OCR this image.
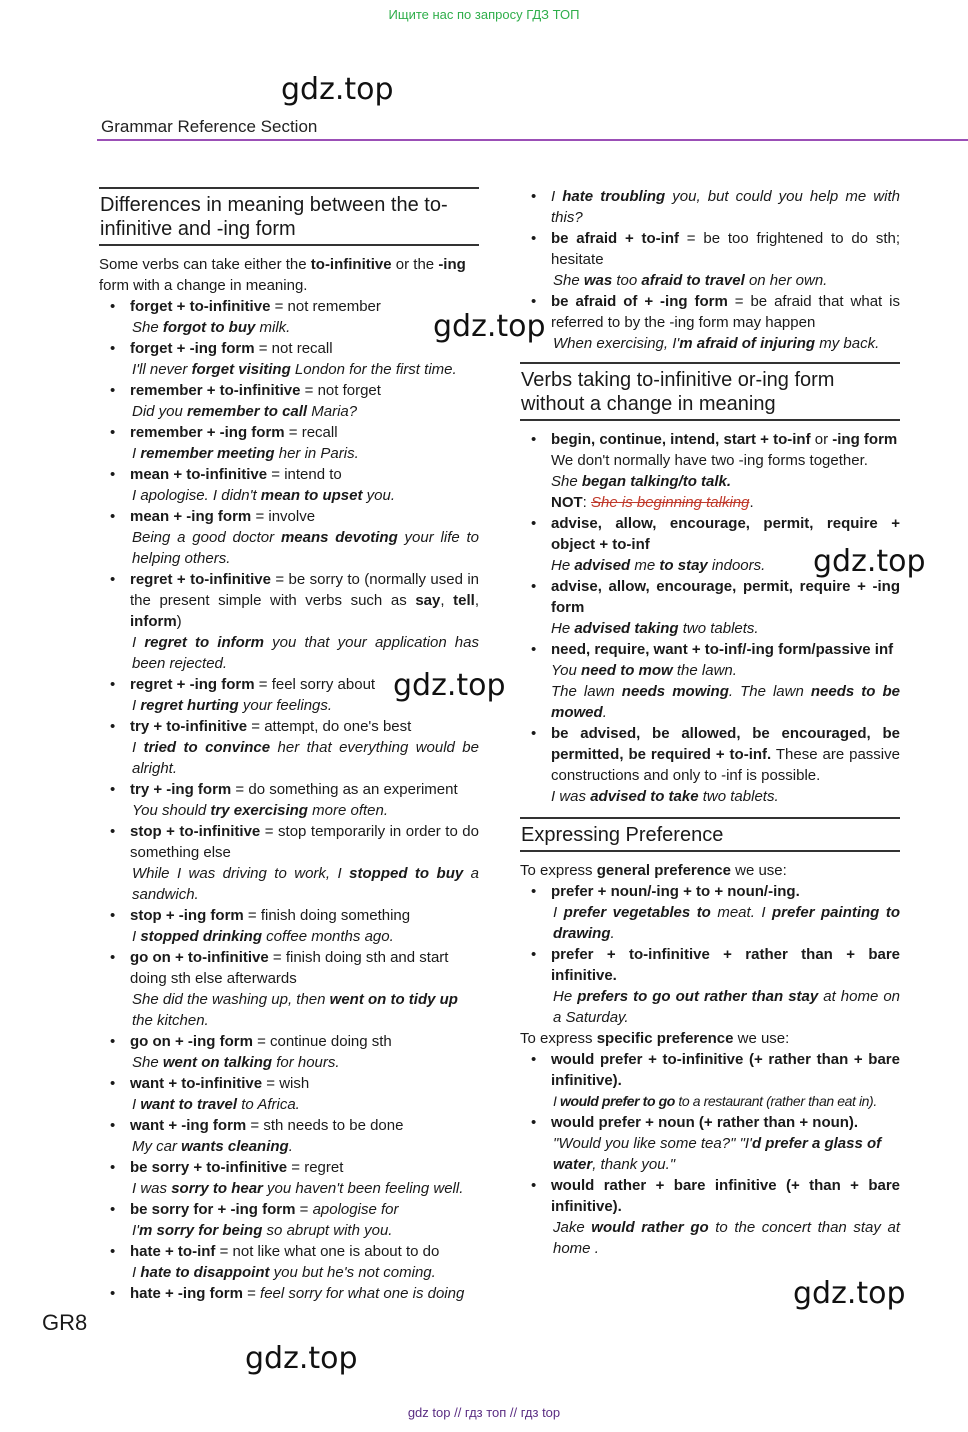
Ищите нас по запросу ГДЗ ТОП
gdz.top
gdz.top
gdz.top
gdz.top
gdz.top
gdz.top
Grammar Reference Section
Differences in meaning between the to-infinitive and -ing form

Some verbs can take either the to-infinitive or the -ing form with a change in meaning.

• forget + to-infinitive = not remember
She forgot to buy milk.
• forget + -ing form = not recall
I'll never forget visiting London for the first time.
• remember + to-infinitive = not forget
Did you remember to call Maria?
• remember + -ing form = recall
I remember meeting her in Paris.
• mean + to-infinitive = intend to
I apologise. I didn't mean to upset you.
• mean + -ing form = involve
Being a good doctor means devoting your life to helping others.
• regret + to-infinitive = be sorry to (normally used in the present simple with verbs such as say, tell, inform)
I regret to inform you that your application has been rejected.
• regret + -ing form = feel sorry about
I regret hurting your feelings.
• try + to-infinitive = attempt, do one's best
I tried to convince her that everything would be alright.
• try + -ing form = do something as an experiment
You should try exercising more often.
• stop + to-infinitive = stop temporarily in order to do something else
While I was driving to work, I stopped to buy a sandwich.
• stop + -ing form = finish doing something
I stopped drinking coffee months ago.
• go on + to-infinitive = finish doing sth and start doing sth else afterwards
She did the washing up, then went on to tidy up the kitchen.
• go on + -ing form = continue doing sth
She went on talking for hours.
• want + to-infinitive = wish
I want to travel to Africa.
• want + -ing form = sth needs to be done
My car wants cleaning.
• be sorry + to-infinitive = regret
I was sorry to hear you haven't been feeling well.
• be sorry for + -ing form = apologise for
I'm sorry for being so abrupt with you.
• hate + to-inf = not like what one is about to do
I hate to disappoint you but he's not coming.
• hate + -ing form = feel sorry for what one is doing
• I hate troubling you, but could you help me with this?
• be afraid + to-inf = be too frightened to do sth; hesitate
She was too afraid to travel on her own.
• be afraid of + -ing form = be afraid that what is referred to by the -ing form may happen
When exercising, I'm afraid of injuring my back.
Verbs taking to-infinitive or-ing form without a change in meaning
• begin, continue, intend, start + to-inf or -ing form
We don't normally have two -ing forms together.
She began talking/to talk.
NOT: She is beginning talking.
• advise, allow, encourage, permit, require + object + to-inf
He advised me to stay indoors.
• advise, allow, encourage, permit, require + -ing form
He advised taking two tablets.
• need, require, want + to-inf/-ing form/passive inf
You need to mow the lawn.
The lawn needs mowing. The lawn needs to be mowed.
• be advised, be allowed, be encouraged, be permitted, be required + to-inf. These are passive constructions and only to -inf is possible.
I was advised to take two tablets.
Expressing Preference

To express general preference we use:

• prefer + noun/-ing + to + noun/-ing.
I prefer vegetables to meat. I prefer painting to drawing.
• prefer + to-infinitive + rather than + bare infinitive.
He prefers to go out rather than stay at home on a Saturday.

To express specific preference we use:

• would prefer + to-infinitive (+ rather than + bare infinitive).
I would prefer to go to a restaurant (rather than eat in).
• would prefer + noun (+ rather than + noun).
"Would you like some tea?" "I'd prefer a glass of water, thank you."
• would rather + bare infinitive (+ than + bare infinitive).
Jake would rather go to the concert than stay at home .
GR8
gdz top // гдз топ // гдз top
